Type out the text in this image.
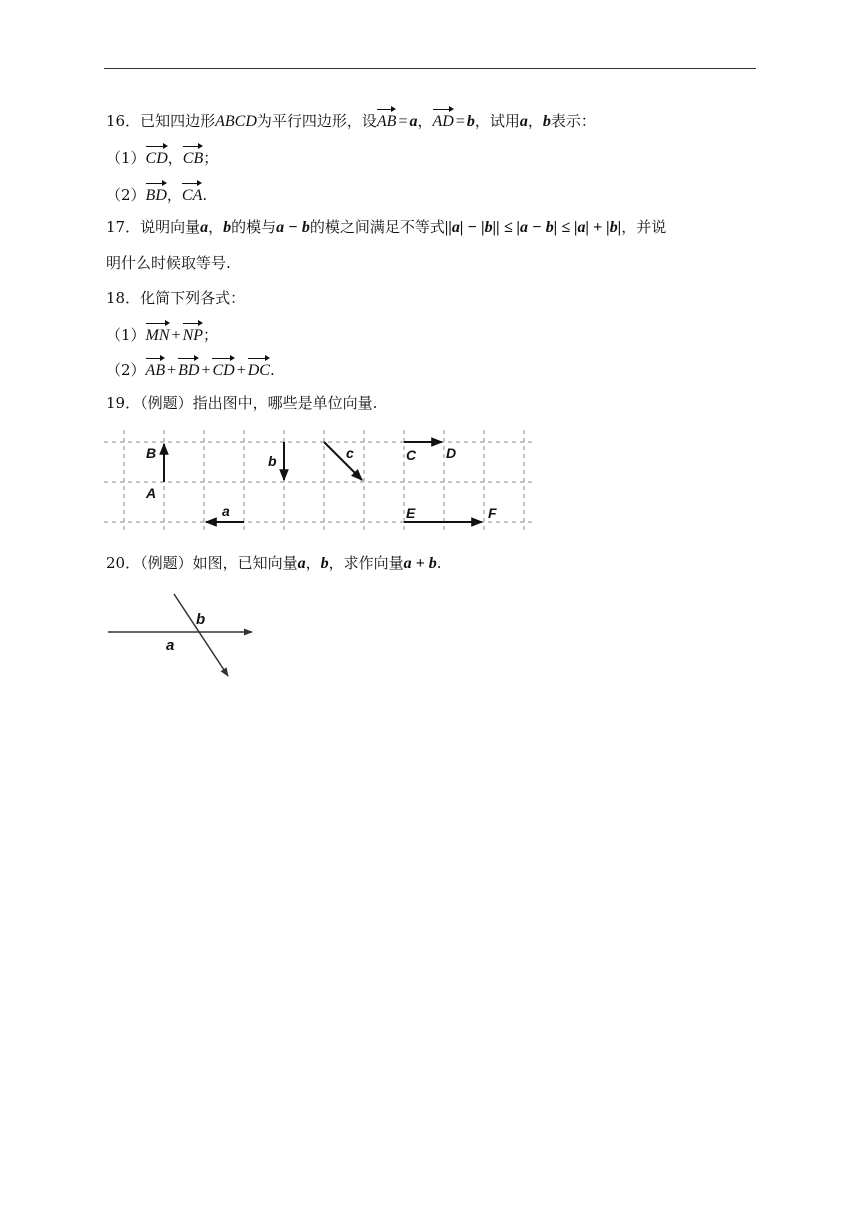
16．已知四边形ABCD为平行四边形，设AB = a，AD = b，试用a，b表示：
（1）CD，CB；
（2）BD，CA.
17．说明向量a，b的模与a − b的模之间满足不等式||a| − |b|| ≤ |a − b| ≤ |a| + |b|，并说
明什么时候取等号.
18．化简下列各式：
（1）MN + NP；
（2）AB + BD + CD + DC.
19．（例题）指出图中，哪些是单位向量.
B
A
b	c	C D
a	E	F
20．（例题）如图，已知向量a，b，求作向量a + b.
b
a
